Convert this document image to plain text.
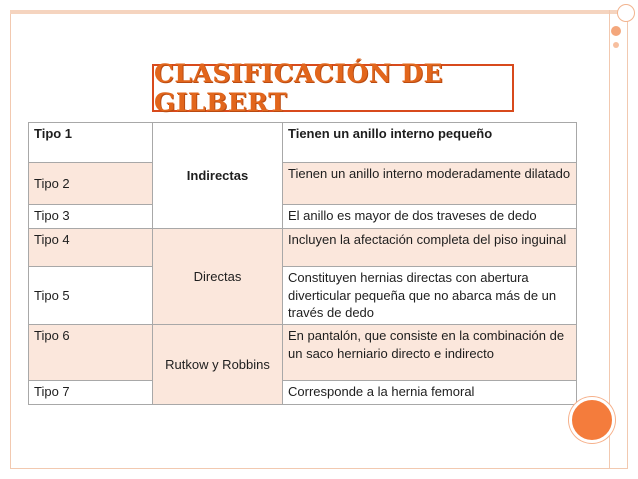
CLASIFICACIÓN DE GILBERT
Tipo 1	Indirectas	Tienen un anillo interno pequeño
Tipo 2		Tienen un anillo interno moderadamente dilatado
Tipo 3		El anillo es mayor de dos traveses de dedo
Tipo 4	Directas	Incluyen la afectación completa del piso inguinal
Tipo 5		Constituyen hernias directas con abertura diverticular pequeña que no abarca más de un través de dedo
Tipo 6	Rutkow y Robbins	En pantalón, que consiste en la combinación de un saco herniario directo e indirecto
Tipo 7		Corresponde a la hernia femoral
